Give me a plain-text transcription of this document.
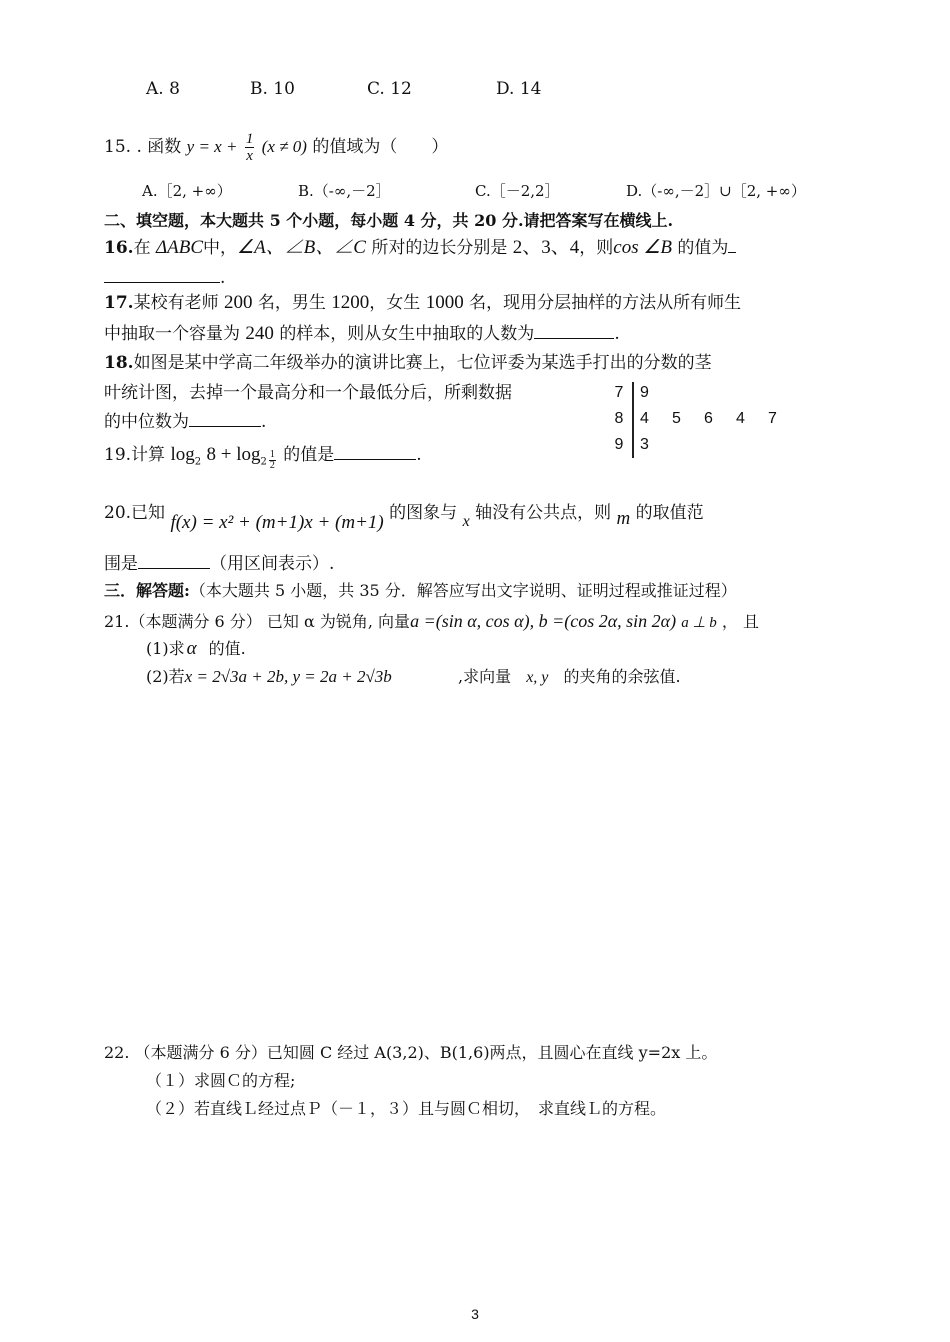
A. 8	B. 10	C. 12	D. 14
15. . 函数 $y = x + \frac{1}{x} (x \ne 0)$ 的值域为（　　）
A.［2, +∞）	B.（-∞,－2］	C.［－2,2］	D.（-∞,－2］∪［2, +∞）
二、填空题，本大题共 5 个小题，每小题 4 分，共 20 分.请把答案写在横线上.
16.在 ΔABC中，∠A、∠B、∠C 所对的边长分别是 2、3、4，则cos ∠B 的值为
.
17.某校有老师 200 名，男生 1200，女生 1000 名，现用分层抽样的方法从所有师生
中抽取一个容量为 240 的样本，则从女生中抽取的人数为	.
18.如图是某中学高二年级举办的演讲比赛上，七位评委为某选手打出的分数的茎
叶统计图，去掉一个最高分和一个最低分后，所剩数据
的中位数为	.
7 9
8 4 5 6 4 7
9 3
19.计算 $\log_2 8 + \log_2 \frac{1}{2}$ 的值是	.
20.已知 f(x) = x² + (m+1)x + (m+1) 的图象与 x 轴没有公共点，则 m 的取值范
围是	（用区间表示）.
三．解答题:（本大题共 5 小题，共 35 分．解答应写出文字说明、证明过程或推证过程）
21.（本题满分 6 分） 已知 α 为锐角, 向量a =(sin α, cos α), b =(cos 2α, sin 2α) a ⊥ b ， 且
(1)求 α 的值.
(2)若x = 2√3a + 2b, y = 2a + 2√3b	,求向量 x, y 的夹角的余弦值.
22. （本题满分 6 分）已知圆 C 经过 A(3,2)、B(1,6)两点，且圆心在直线 y=2x 上。
（１）求圆Ｃ的方程;
（２）若直线Ｌ经过点Ｐ（－１，３）且与圆Ｃ相切，　求直线Ｌ的方程。
3
